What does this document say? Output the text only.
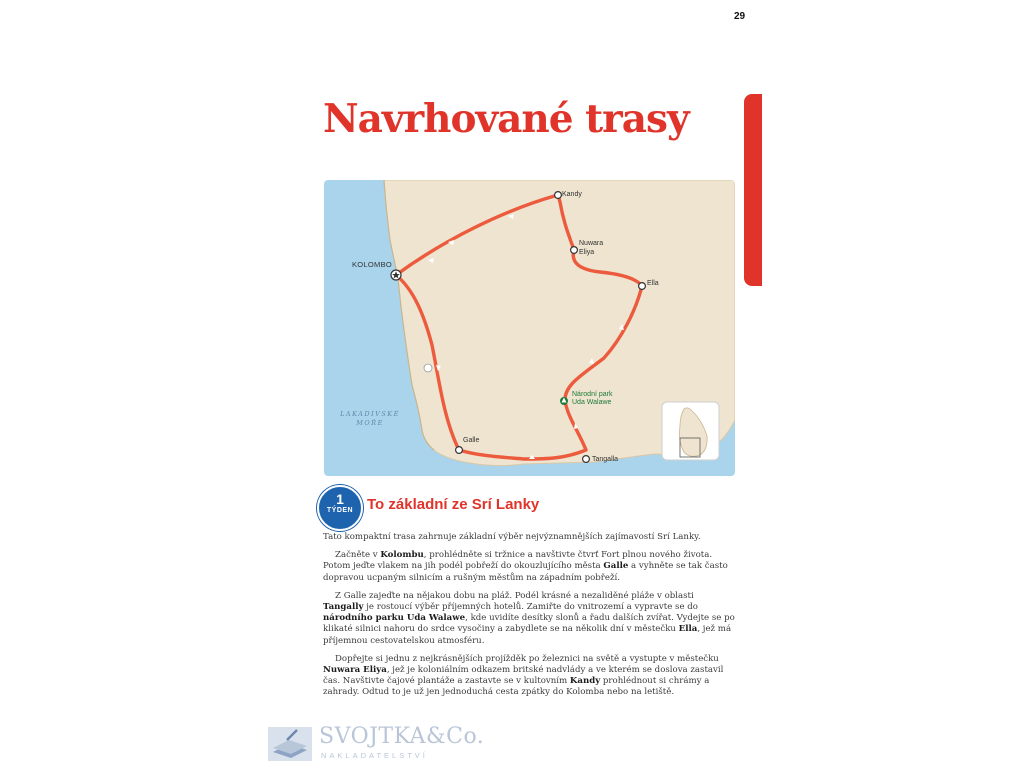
29
Navrhované trasy
Kandy
KOLOMBO
Nuwara
Eliya
Ella
Národní park
Uda Walawe
Galle
Tangalla
LAKADIVSKÉ
MOŘE
1
TÝDEN To základní ze Srí Lanky

Tato kompaktní trasa zahrnuje základní výběr nejvýznamnějších zajímavostí Srí Lanky.

Začněte v Kolombu, prohlédněte si tržnice a navštivte čtvrť Fort plnou nového života. Potom jeďte vlakem na jih podél pobřeží do okouzlujícího města Galle a vyhněte se tak často dopravou ucpaným silnicím a rušným městům na západním pobřeží.

Z Galle zajeďte na nějakou dobu na pláž. Podél krásné a nezaliděné pláže v oblasti Tangally je rostoucí výběr příjemných hotelů. Zamiřte do vnitrozemí a vypravte se do národního parku Uda Walawe, kde uvidíte desítky slonů a řadu dalších zvířat. Vydejte se po klikaté silnici nahoru do srdce vysočiny a zabydlete se na několik dní v městečku Ella, jež má příjemnou cestovatelskou atmosféru.

Dopřejte si jednu z nejkrásnějších projížděk po železnici na světě a vystupte v městečku Nuwara Eliya, jež je koloniálním odkazem britské nadvlády a ve kterém se doslova zastavil čas. Navštivte čajové plantáže a zastavte se v kultovním Kandy prohlédnout si chrámy a zahrady. Odtud to je už jen jednoduchá cesta zpátky do Kolomba nebo na letiště.

SVOJTKA&Co.
NAKLADATELSTVÍ
